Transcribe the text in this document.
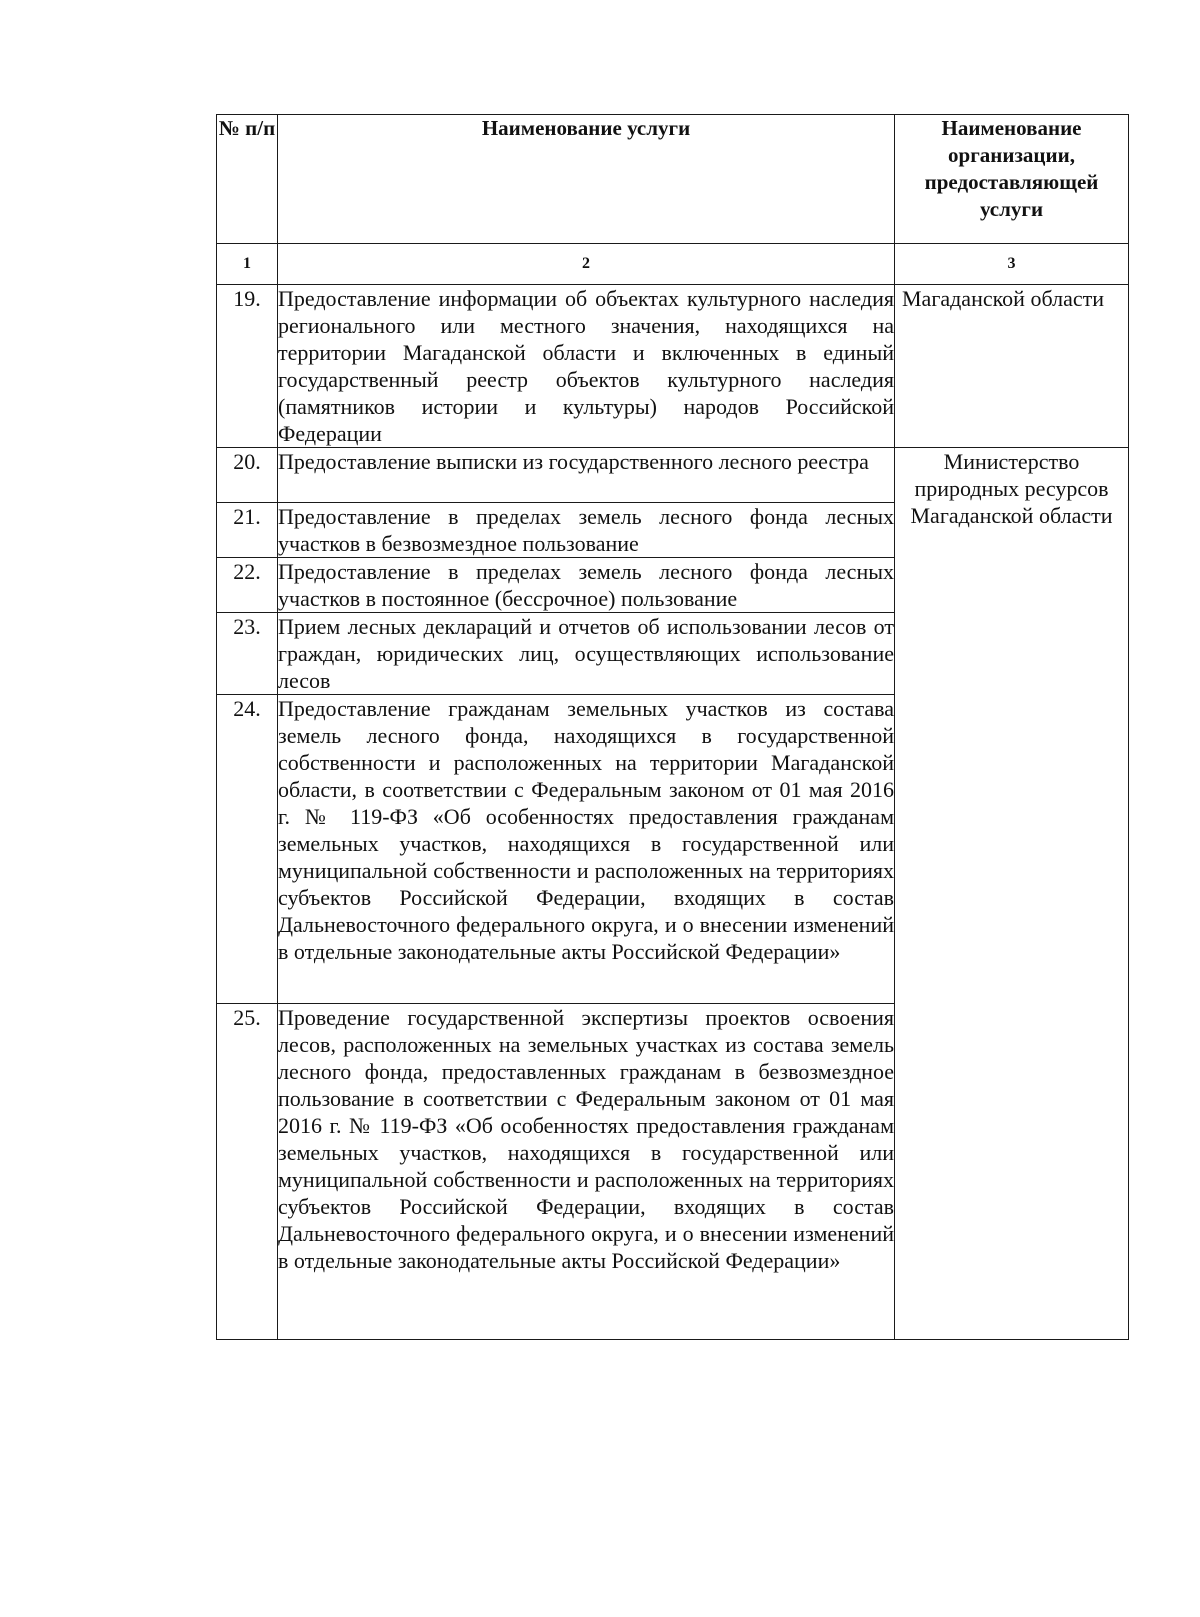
№ п/п	Наименование услуги	Наименование организации, предоставляющей услуги
1	2	3
19.	Предоставление информации об объектах культурного наследия регионального или местного значения, находящихся на территории Магаданской области и включенных в единый государственный реестр объектов культурного наследия (памятников истории и культуры) народов Российской Федерации	Магаданской области
20.	Предоставление выписки из государственного лесного реестра	Министерство природных ресурсов Магаданской области
21.	Предоставление в пределах земель лесного фонда лесных участков в безвозмездное пользование	
22.	Предоставление в пределах земель лесного фонда лесных участков в постоянное (бессрочное) пользование	
23.	Прием лесных деклараций и отчетов об использовании лесов от граждан, юридических лиц, осуществляющих использование лесов	
24.	Предоставление гражданам земельных участков из состава земель лесного фонда, находящихся в государственной собственности и расположенных на территории Магаданской области, в соответствии с Федеральным законом от 01 мая 2016 г. № 119-ФЗ «Об особенностях предоставления гражданам земельных участков, находящихся в государственной или муниципальной собственности и расположенных на территориях субъектов Российской Федерации, входящих в состав Дальневосточного федерального округа, и о внесении изменений в отдельные законодательные акты Российской Федерации»	
25.	Проведение государственной экспертизы проектов освоения лесов, расположенных на земельных участках из состава земель лесного фонда, предоставленных гражданам в безвозмездное пользование в соответствии с Федеральным законом от 01 мая 2016 г. № 119-ФЗ «Об особенностях предоставления гражданам земельных участков, находящихся в государственной или муниципальной собственности и расположенных на территориях субъектов Российской Федерации, входящих в состав Дальневосточного федерального округа, и о внесении изменений в отдельные законодательные акты Российской Федерации»	
